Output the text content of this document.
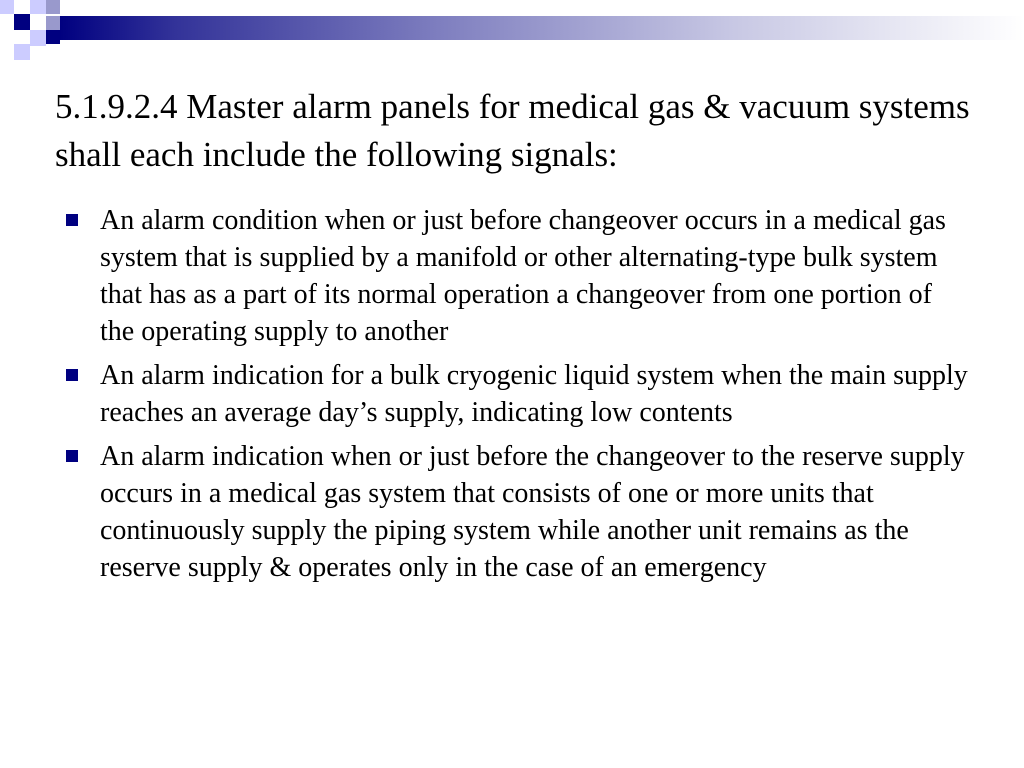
5.1.9.2.4 Master alarm panels for medical gas & vacuum systems shall each include the following signals:
An alarm condition when or just before changeover occurs in a medical gas system that is supplied by a manifold or other alternating-type bulk system that has as a part of its normal operation a changeover from one portion of the operating supply to another
An alarm indication for a bulk cryogenic liquid system when the main supply reaches an average day’s supply, indicating low contents
An alarm indication when or just before the changeover to the reserve supply occurs in a medical gas system that consists of one or more units that continuously supply the piping system while another unit remains as the reserve supply & operates only in the case of an emergency
